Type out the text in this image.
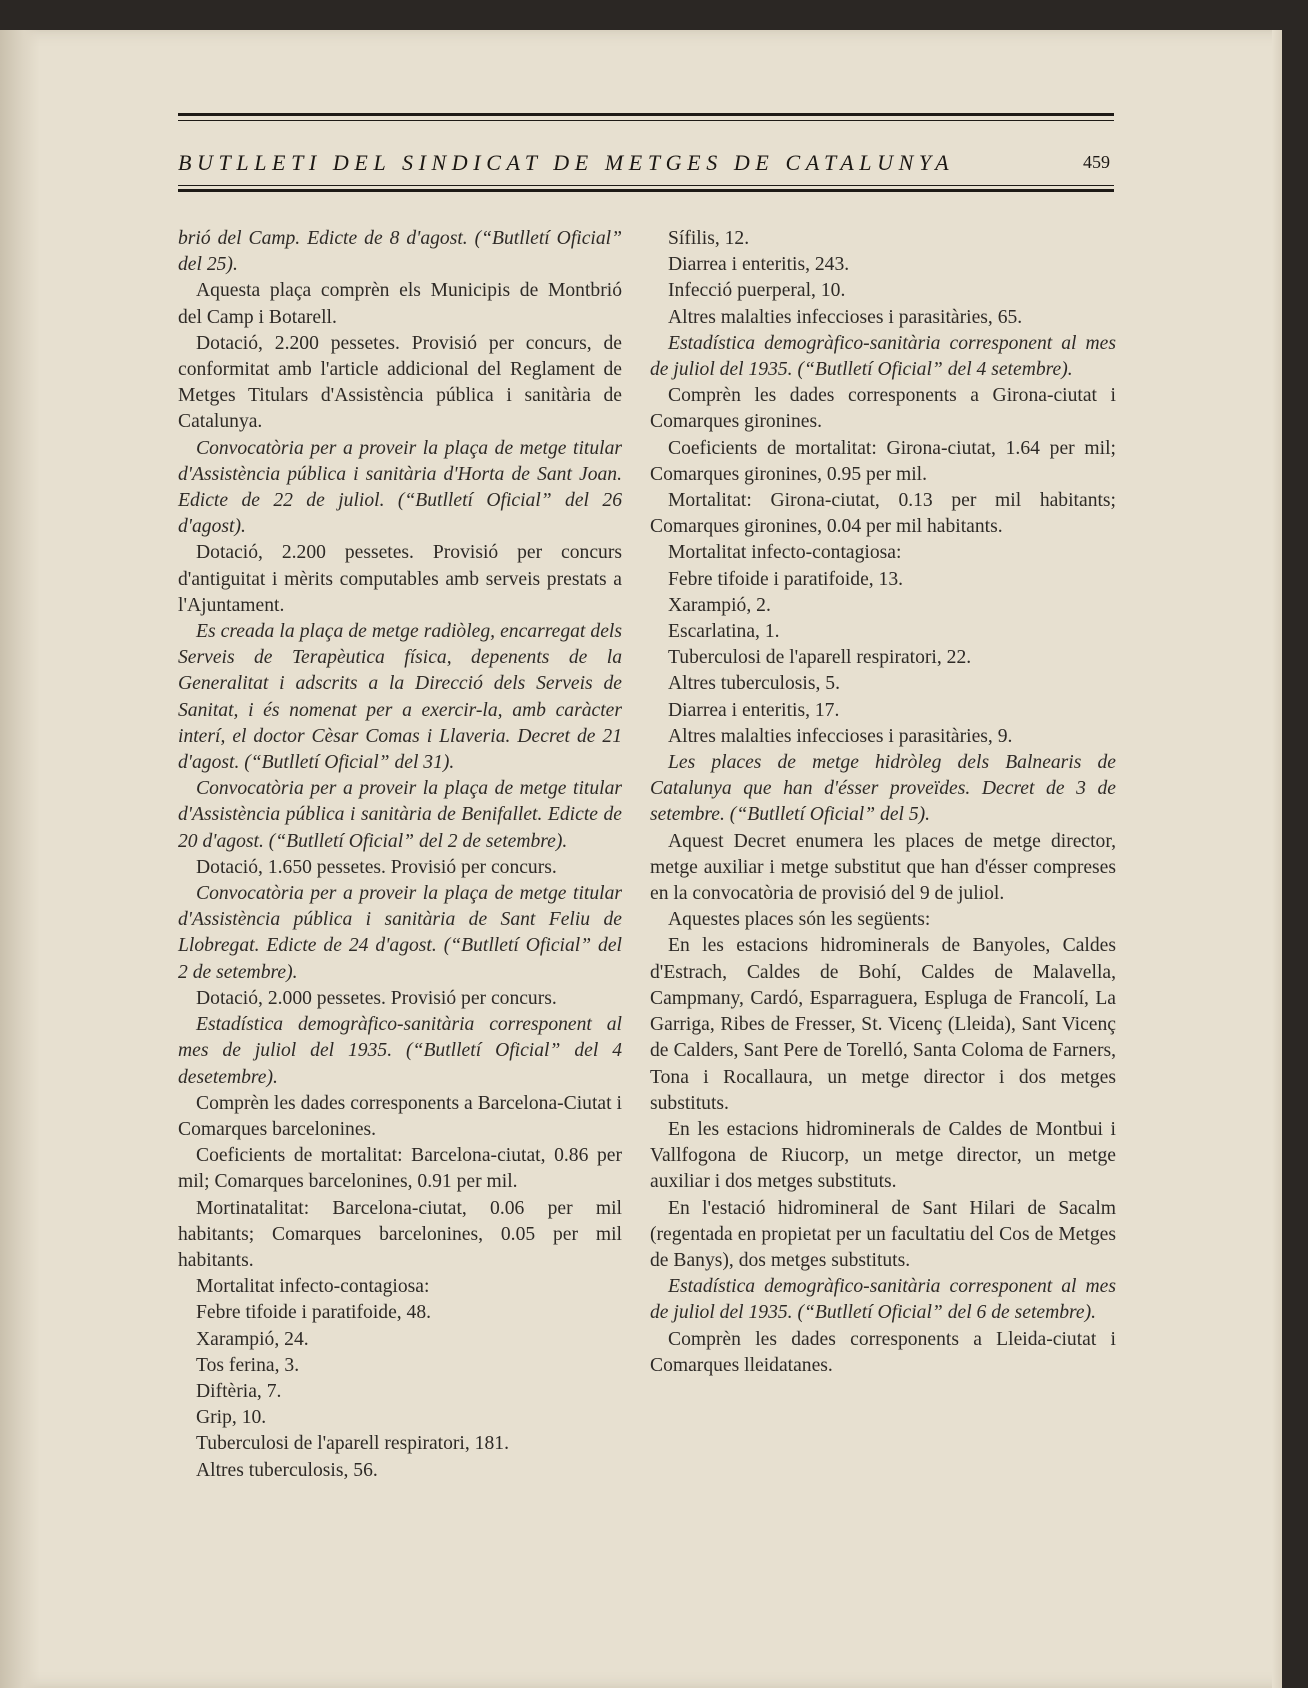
BUTLLETI DEL SINDICAT DE METGES DE CATALUNYA	459

brió del Camp. Edicte de 8 d'agost. (“Butlletí Oficial” del 25).

Aquesta plaça comprèn els Municipis de Montbrió del Camp i Botarell.

Dotació, 2.200 pessetes. Provisió per concurs, de conformitat amb l'article addicional del Reglament de Metges Titulars d'Assistència pública i sanitària de Catalunya.

Convocatòria per a proveir la plaça de metge titular d'Assistència pública i sanitària d'Horta de Sant Joan. Edicte de 22 de juliol. (“Butlletí Oficial” del 26 d'agost).

Dotació, 2.200 pessetes. Provisió per concurs d'antiguitat i mèrits computables amb serveis prestats a l'Ajuntament.

Es creada la plaça de metge radiòleg, encarregat dels Serveis de Terapèutica física, depenents de la Generalitat i adscrits a la Direcció dels Serveis de Sanitat, i és nomenat per a exercir-la, amb caràcter interí, el doctor Cèsar Comas i Llaveria. Decret de 21 d'agost. (“Butlletí Oficial” del 31).

Convocatòria per a proveir la plaça de metge titular d'Assistència pública i sanitària de Benifallet. Edicte de 20 d'agost. (“Butlletí Oficial” del 2 de setembre).

Dotació, 1.650 pessetes. Provisió per concurs.

Convocatòria per a proveir la plaça de metge titular d'Assistència pública i sanitària de Sant Feliu de Llobregat. Edicte de 24 d'agost. (“Butlletí Oficial” del 2 de setembre).

Dotació, 2.000 pessetes. Provisió per concurs.

Estadística demogràfico-sanitària corresponent al mes de juliol del 1935. (“Butlletí Oficial” del 4 desetembre).

Comprèn les dades corresponents a Barcelona-Ciutat i Comarques barcelonines.

Coeficients de mortalitat: Barcelona-ciutat, 0.86 per mil; Comarques barcelonines, 0.91 per mil.

Mortinatalitat: Barcelona-ciutat, 0.06 per mil habitants; Comarques barcelonines, 0.05 per mil habitants.

Mortalitat infecto-contagiosa:

Febre tifoide i paratifoide, 48.

Xarampió, 24.

Tos ferina, 3.

Diftèria, 7.

Grip, 10.

Tuberculosi de l'aparell respiratori, 181.

Altres tuberculosis, 56.

Sífilis, 12.

Diarrea i enteritis, 243.

Infecció puerperal, 10.

Altres malalties infeccioses i parasitàries, 65.

Estadística demogràfico-sanitària corresponent al mes de juliol del 1935. (“Butlletí Oficial” del 4 setembre).

Comprèn les dades corresponents a Girona-ciutat i Comarques gironines.

Coeficients de mortalitat: Girona-ciutat, 1.64 per mil; Comarques gironines, 0.95 per mil.

Mortalitat: Girona-ciutat, 0.13 per mil habitants; Comarques gironines, 0.04 per mil habitants.

Mortalitat infecto-contagiosa:

Febre tifoide i paratifoide, 13.

Xarampió, 2.

Escarlatina, 1.

Tuberculosi de l'aparell respiratori, 22.

Altres tuberculosis, 5.

Diarrea i enteritis, 17.

Altres malalties infeccioses i parasitàries, 9.

Les places de metge hidròleg dels Balnearis de Catalunya que han d'ésser proveïdes. Decret de 3 de setembre. (“Butlletí Oficial” del 5).

Aquest Decret enumera les places de metge director, metge auxiliar i metge substitut que han d'ésser compreses en la convocatòria de provisió del 9 de juliol.

Aquestes places són les següents:

En les estacions hidrominerals de Banyoles, Caldes d'Estrach, Caldes de Bohí, Caldes de Malavella, Campmany, Cardó, Esparraguera, Espluga de Francolí, La Garriga, Ribes de Fresser, St. Vicenç (Lleida), Sant Vicenç de Calders, Sant Pere de Torelló, Santa Coloma de Farners, Tona i Rocallaura, un metge director i dos metges substituts.

En les estacions hidrominerals de Caldes de Montbui i Vallfogona de Riucorp, un metge director, un metge auxiliar i dos metges substituts.

En l'estació hidromineral de Sant Hilari de Sacalm (regentada en propietat per un facultatiu del Cos de Metges de Banys), dos metges substituts.

Estadística demogràfico-sanitària corresponent al mes de juliol del 1935. (“Butlletí Oficial” del 6 de setembre).

Comprèn les dades corresponents a Lleida-ciutat i Comarques lleidatanes.
